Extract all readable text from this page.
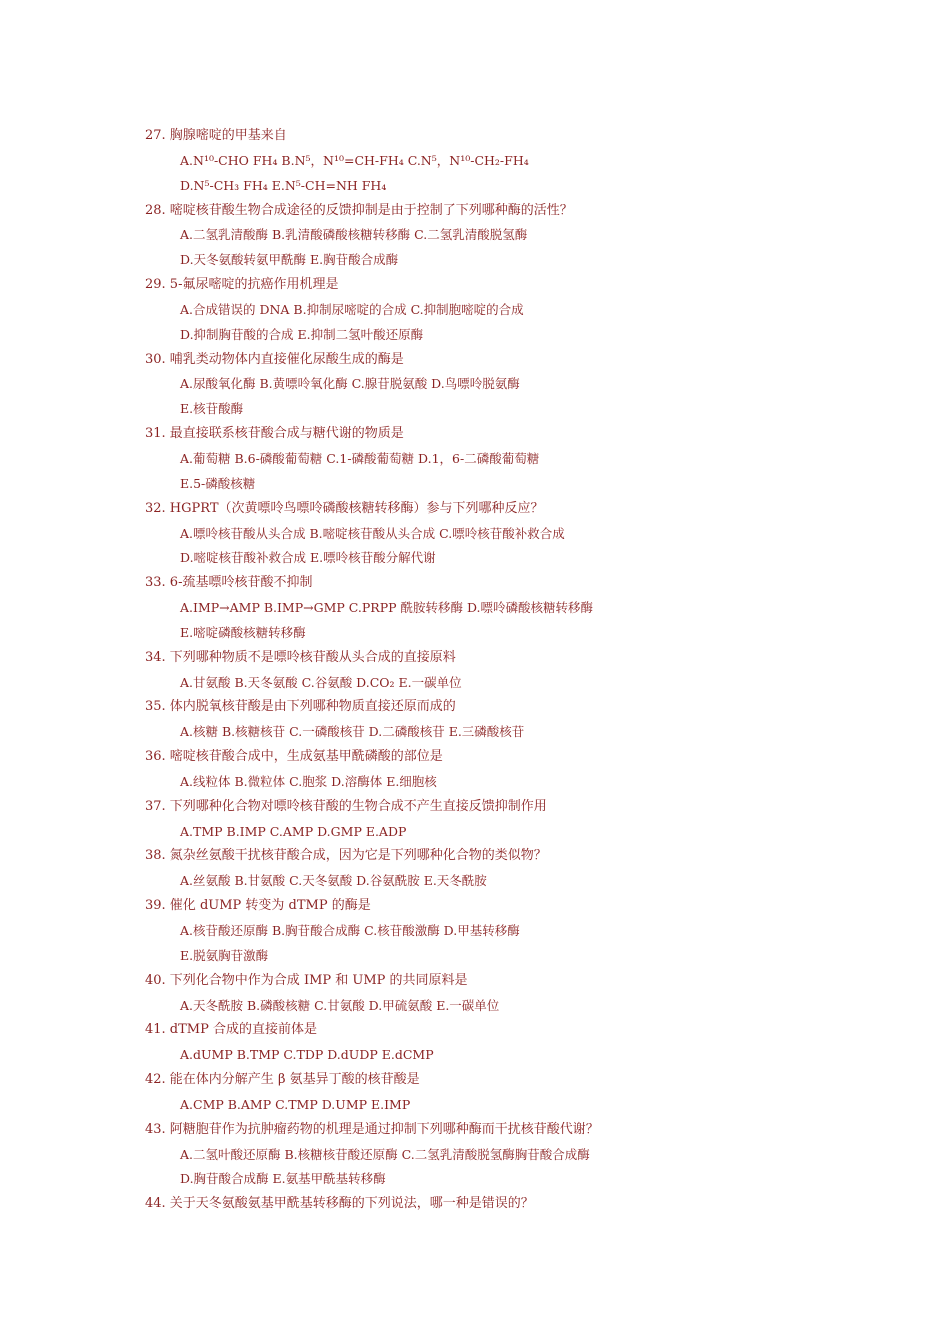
27. 胸腺嘧啶的甲基来自
A.N¹⁰-CHO FH₄ B.N⁵，N¹⁰=CH-FH₄ C.N⁵，N¹⁰-CH₂-FH₄
D.N⁵-CH₃ FH₄ E.N⁵-CH=NH FH₄
28. 嘧啶核苷酸生物合成途径的反馈抑制是由于控制了下列哪种酶的活性？
A.二氢乳清酸酶 B.乳清酸磷酸核糖转移酶 C.二氢乳清酸脱氢酶
D.天冬氨酸转氨甲酰酶 E.胸苷酸合成酶
29. 5-氟尿嘧啶的抗癌作用机理是
A.合成错误的 DNA B.抑制尿嘧啶的合成 C.抑制胞嘧啶的合成
D.抑制胸苷酸的合成 E.抑制二氢叶酸还原酶
30. 哺乳类动物体内直接催化尿酸生成的酶是
A.尿酸氧化酶 B.黄嘌呤氧化酶 C.腺苷脱氨酸 D.鸟嘌呤脱氨酶
E.核苷酸酶
31. 最直接联系核苷酸合成与糖代谢的物质是
A.葡萄糖 B.6-磷酸葡萄糖 C.1-磷酸葡萄糖 D.1，6-二磷酸葡萄糖
E.5-磷酸核糖
32. HGPRT（次黄嘌呤鸟嘌呤磷酸核糖转移酶）参与下列哪种反应？
A.嘌呤核苷酸从头合成 B.嘧啶核苷酸从头合成 C.嘌呤核苷酸补救合成
D.嘧啶核苷酸补救合成 E.嘌呤核苷酸分解代谢
33. 6-巯基嘌呤核苷酸不抑制
A.IMP→AMP B.IMP→GMP C.PRPP 酰胺转移酶 D.嘌呤磷酸核糖转移酶
E.嘧啶磷酸核糖转移酶
34. 下列哪种物质不是嘌呤核苷酸从头合成的直接原料
A.甘氨酸 B.天冬氨酸 C.谷氨酸 D.CO₂ E.一碳单位
35. 体内脱氧核苷酸是由下列哪种物质直接还原而成的
A.核糖 B.核糖核苷 C.一磷酸核苷 D.二磷酸核苷 E.三磷酸核苷
36. 嘧啶核苷酸合成中，生成氨基甲酰磷酸的部位是
A.线粒体 B.微粒体 C.胞浆 D.溶酶体 E.细胞核
37. 下列哪种化合物对嘌呤核苷酸的生物合成不产生直接反馈抑制作用
A.TMP B.IMP C.AMP D.GMP E.ADP
38. 氮杂丝氨酸干扰核苷酸合成，因为它是下列哪种化合物的类似物？
A.丝氨酸 B.甘氨酸 C.天冬氨酸 D.谷氨酰胺 E.天冬酰胺
39. 催化 dUMP 转变为 dTMP 的酶是
A.核苷酸还原酶 B.胸苷酸合成酶 C.核苷酸激酶 D.甲基转移酶
E.脱氨胸苷激酶
40. 下列化合物中作为合成 IMP 和 UMP 的共同原料是
A.天冬酰胺 B.磷酸核糖 C.甘氨酸 D.甲硫氨酸 E.一碳单位
41. dTMP 合成的直接前体是
A.dUMP B.TMP C.TDP D.dUDP E.dCMP
42. 能在体内分解产生 β 氨基异丁酸的核苷酸是
A.CMP B.AMP C.TMP D.UMP E.IMP
43. 阿糖胞苷作为抗肿瘤药物的机理是通过抑制下列哪种酶而干扰核苷酸代谢？
A.二氢叶酸还原酶 B.核糖核苷酸还原酶 C.二氢乳清酸脱氢酶胸苷酸合成酶
D.胸苷酸合成酶 E.氨基甲酰基转移酶
44. 关于天冬氨酸氨基甲酰基转移酶的下列说法，哪一种是错误的？
